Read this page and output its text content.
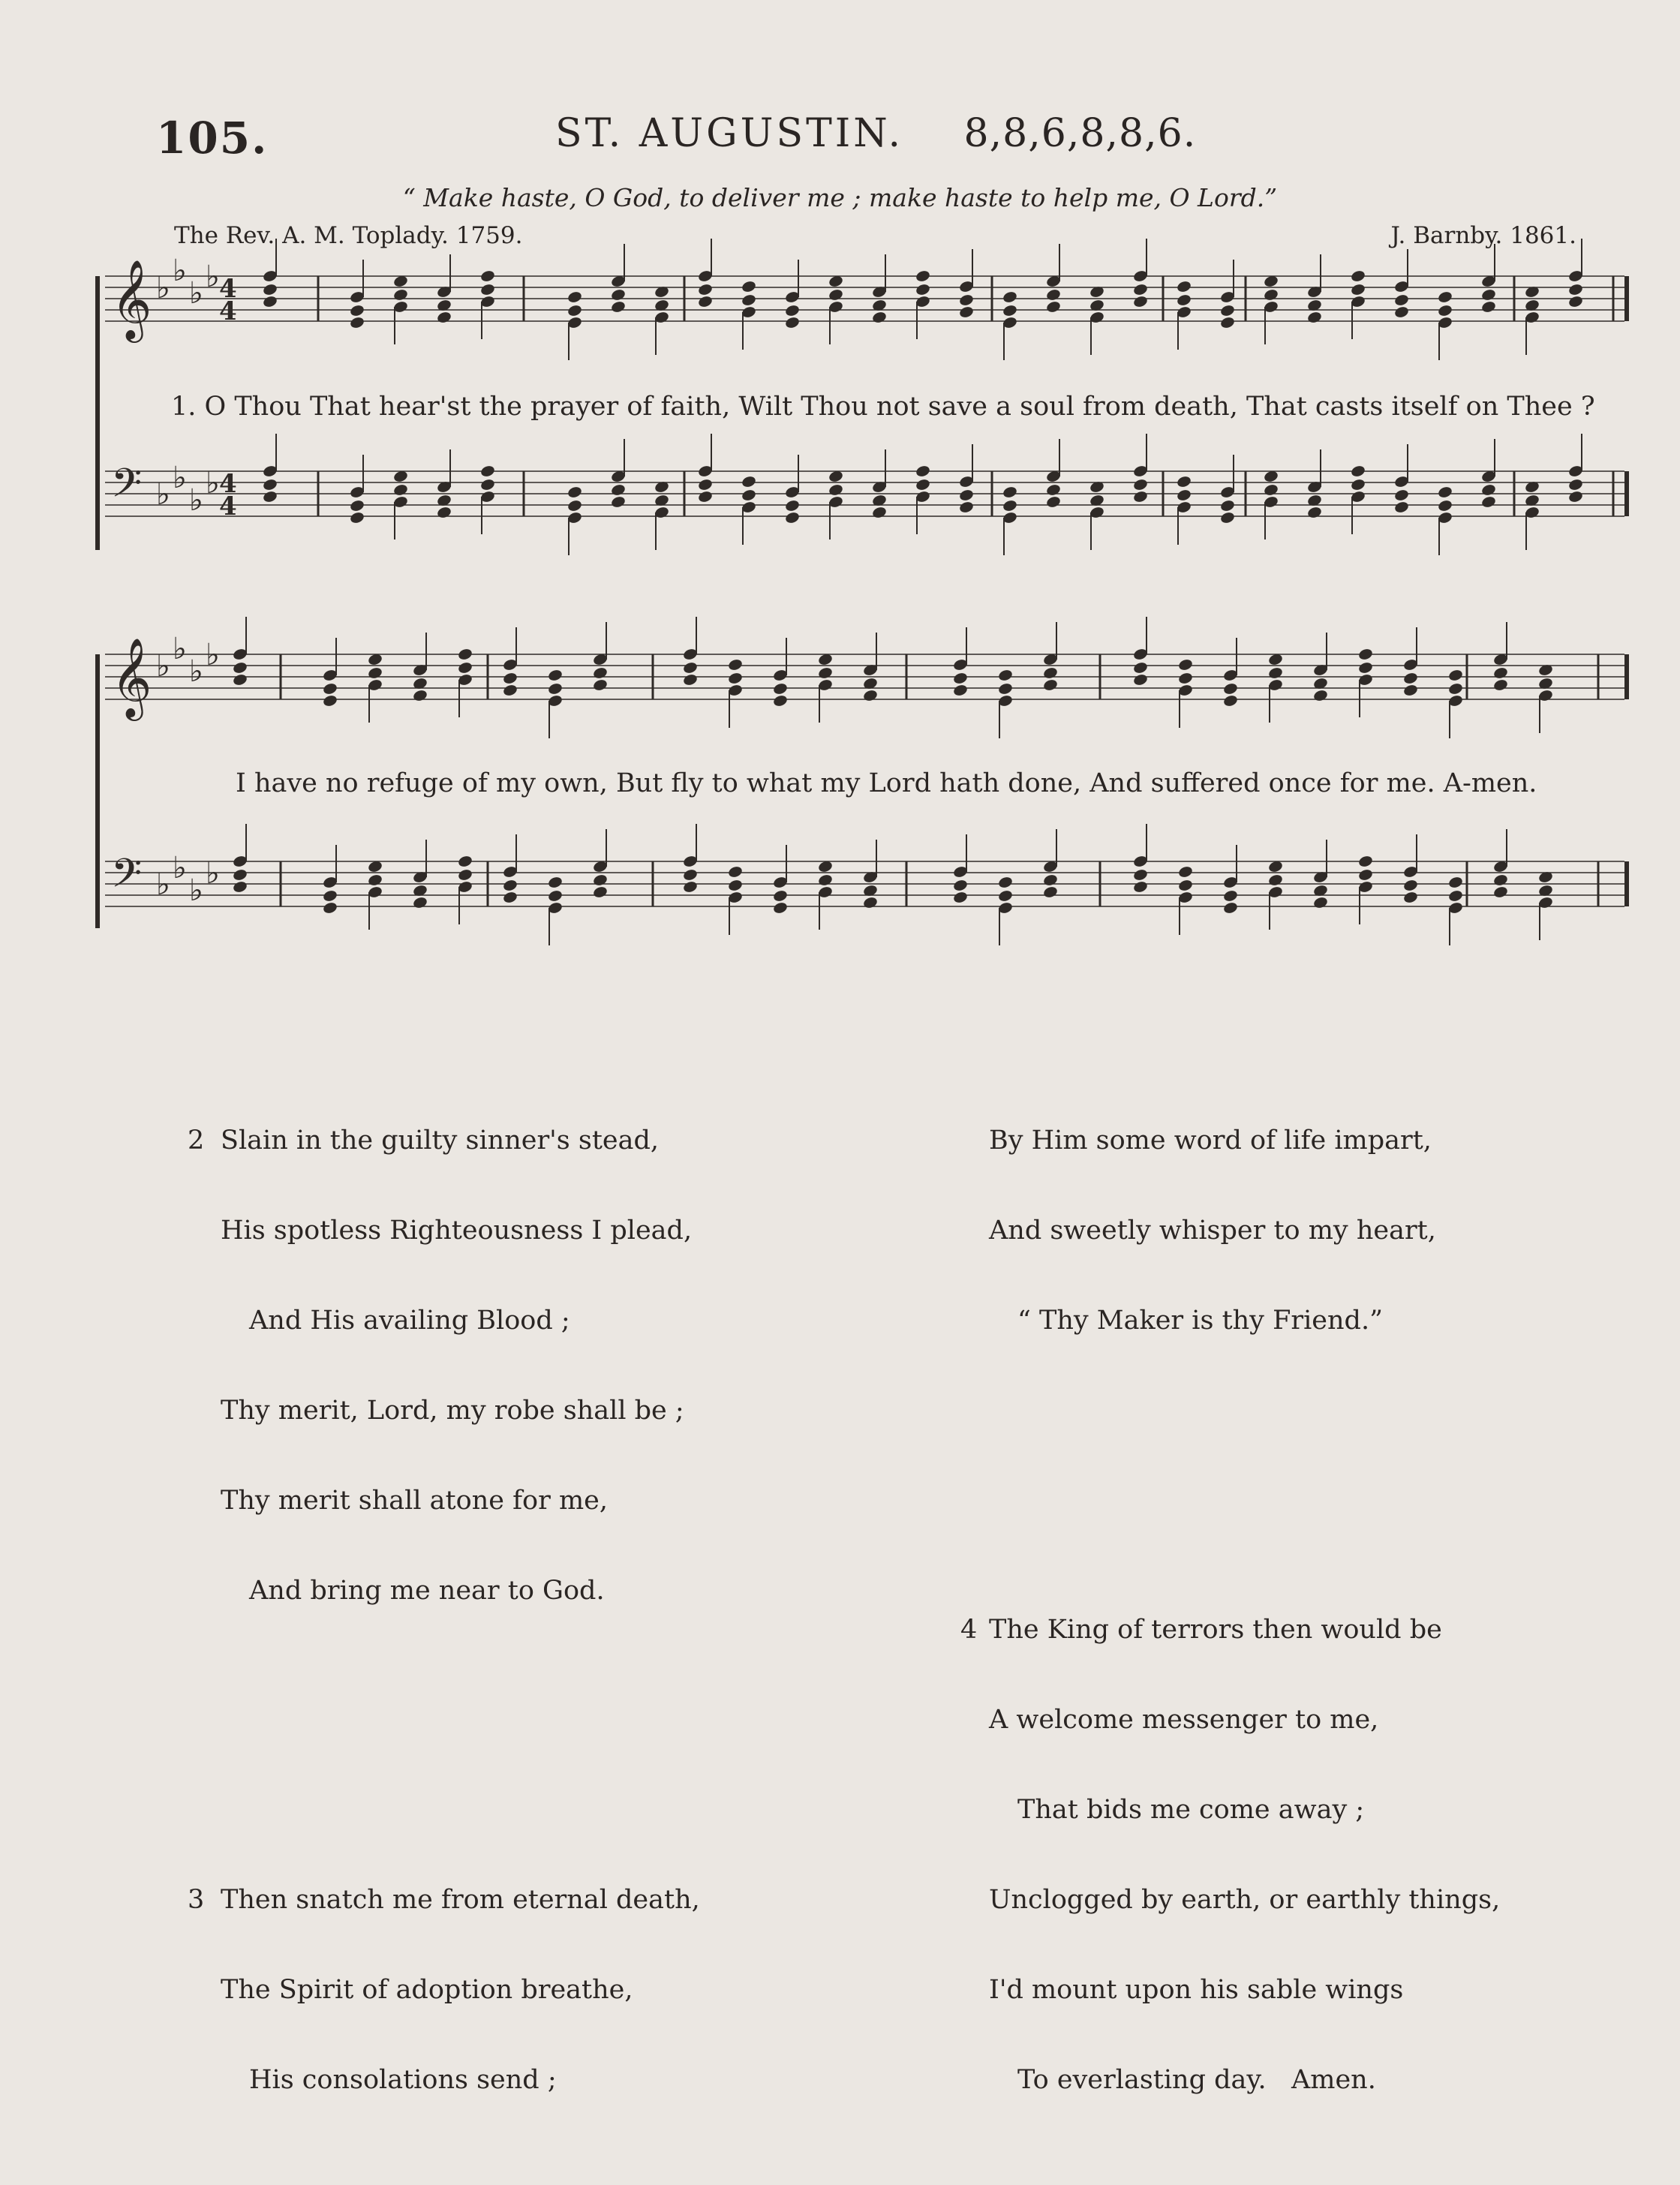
105.	ST. AUGUSTIN. 8,8,6,8,8,6.
“ Make haste, O God, to deliver me ; make haste to help me, O Lord.”
The Rev. A. M. Toplady. 1759.	J. Barnby. 1861.
𝄞 ♭ ♭
♭ ♭ 4
4
𝄢 ♭ ♭
♭ ♭ 4
4
𝄞 ♭ ♭
♭ ♭
𝄢 ♭ ♭
♭ ♭
1. O Thou That hear'st the prayer of faith, Wilt Thou not save a soul from death, That casts itself on Thee ?
I have no refuge of my own, But fly to what my Lord hath done, And suffered once for me. A-men.

2 Slain in the guilty sinner's stead,

His spotless Righteousness I plead,

And His availing Blood ;

Thy merit, Lord, my robe shall be ;

Thy merit shall atone for me,

And bring me near to God.

3 Then snatch me from eternal death,

The Spirit of adoption breathe,

His consolations send ;

By Him some word of life impart,

And sweetly whisper to my heart,

“ Thy Maker is thy Friend.”

4 The King of terrors then would be

A welcome messenger to me,

That bids me come away ;

Unclogged by earth, or earthly things,

I'd mount upon his sable wings

To everlasting day.   Amen.
